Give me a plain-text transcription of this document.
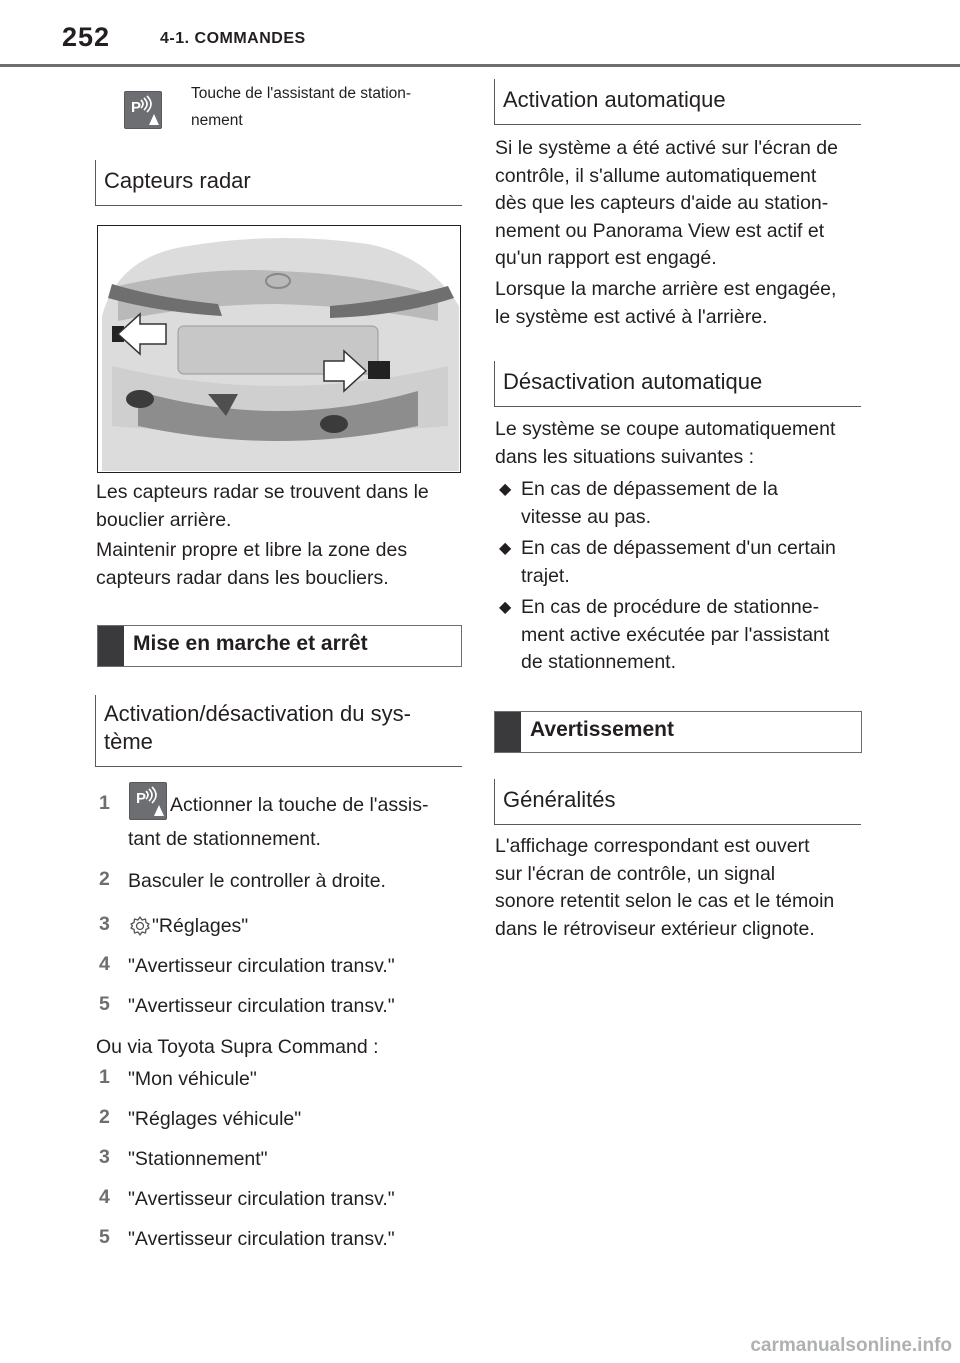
252	4-1. COMMANDES
P
Touche de l'assistant de station-
nement
Capteurs radar
Les capteurs radar se trouvent dans le
bouclier arrière.
Maintenir propre et libre la zone des
capteurs radar dans les boucliers.
Mise en marche et arrêt
Activation/désactivation du sys-
tème
1 P Actionner la touche de l'assis-
tant de stationnement.
2 Basculer le controller à droite.
3 "Réglages"
4 "Avertisseur circulation transv."
5 "Avertisseur circulation transv."
Ou via Toyota Supra Command :
1 "Mon véhicule"
2 "Réglages véhicule"
3 "Stationnement"
4 "Avertisseur circulation transv."
5 "Avertisseur circulation transv."
Activation automatique
Si le système a été activé sur l'écran de
contrôle, il s'allume automatiquement
dès que les capteurs d'aide au station-
nement ou Panorama View est actif et
qu'un rapport est engagé.
Lorsque la marche arrière est engagée,
le système est activé à l'arrière.
Désactivation automatique
Le système se coupe automatiquement
dans les situations suivantes :
◆ En cas de dépassement de la
vitesse au pas.
◆ En cas de dépassement d'un certain
trajet.
◆ En cas de procédure de stationne-
ment active exécutée par l'assistant
de stationnement.
Avertissement
Généralités
L'affichage correspondant est ouvert
sur l'écran de contrôle, un signal
sonore retentit selon le cas et le témoin
dans le rétroviseur extérieur clignote.
carmanualsonline.info
